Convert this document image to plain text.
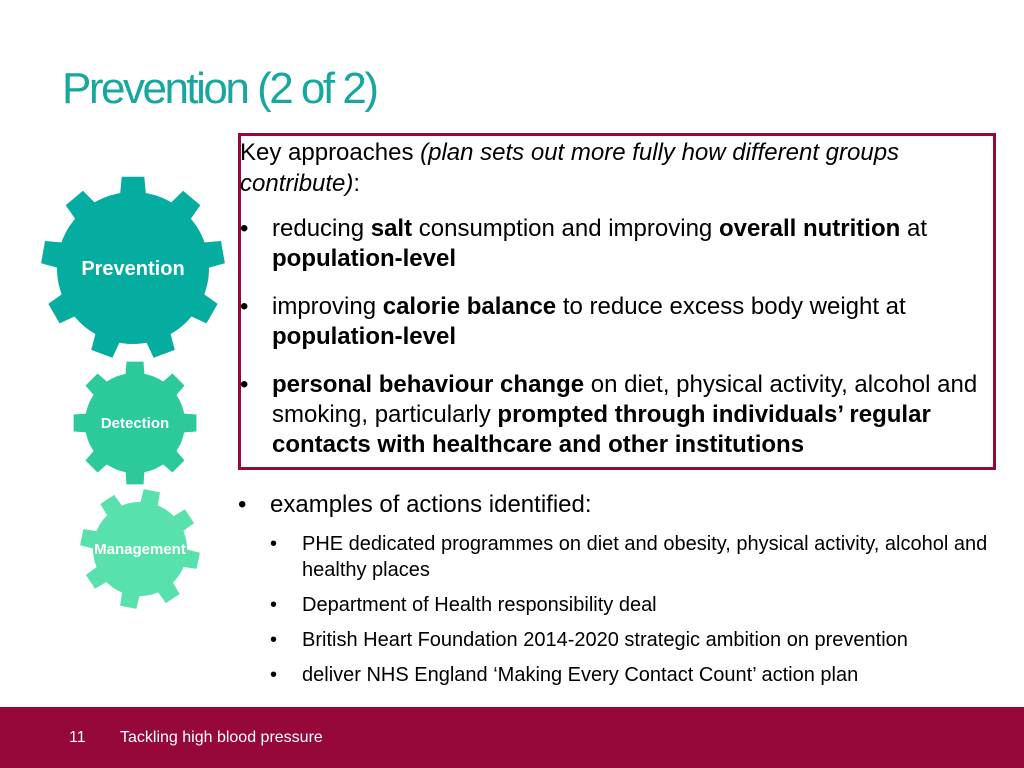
Prevention (2 of 2)
Prevention
Detection
Management

Key approaches (plan sets out more fully how different groups contribute):

• reducing salt consumption and improving overall nutrition at
population-level
• improving calorie balance to reduce excess body weight at
population-level
• personal behaviour change on diet, physical activity, alcohol and smoking, particularly prompted through individuals’ regular contacts with healthcare and other institutions

• examples of actions identified:

• PHE dedicated programmes on diet and obesity, physical activity, alcohol and healthy places
• Department of Health responsibility deal
• British Heart Foundation 2014-2020 strategic ambition on prevention
• deliver NHS England ‘Making Every Contact Count’ action plan
11 Tackling high blood pressure
